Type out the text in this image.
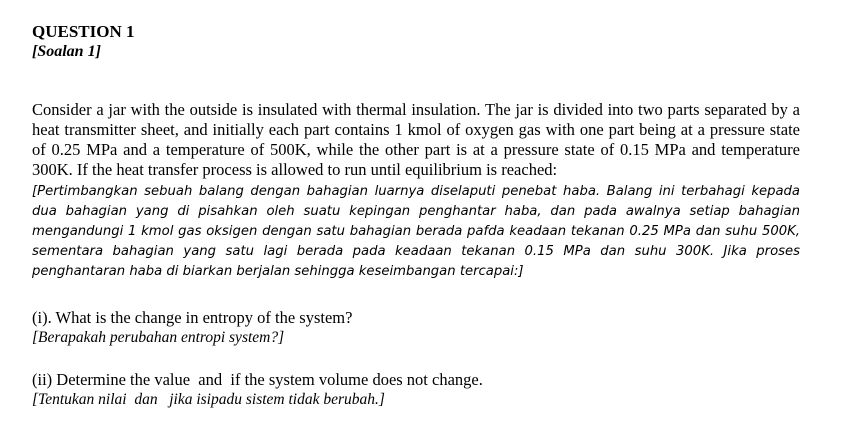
QUESTION 1

[Soalan 1]

Consider a jar with the outside is insulated with thermal insulation. The jar is divided into two parts separated by a heat transmitter sheet, and initially each part contains 1 kmol of oxygen gas with one part being at a pressure state of 0.25 MPa and a temperature of 500K, while the other part is at a pressure state of 0.15 MPa and temperature 300K. If the heat transfer process is allowed to run until equilibrium is reached:
[Pertimbangkan sebuah balang dengan bahagian luarnya diselaputi penebat haba. Balang ini terbahagi kepada dua bahagian yang di pisahkan oleh suatu kepingan penghantar haba, dan pada awalnya setiap bahagian mengandungi 1 kmol gas oksigen dengan satu bahagian berada pafda keadaan tekanan 0.25 MPa dan suhu 500K, sementara bahagian yang satu lagi berada pada keadaan tekanan 0.15 MPa dan suhu 300K. Jika proses penghantaran haba di biarkan berjalan sehingga keseimbangan tercapai:]

(i). What is the change in entropy of the system?

[Berapakah perubahan entropi system?]

(ii) Determine the value  and  if the system volume does not change.

[Tentukan nilai  dan   jika isipadu sistem tidak berubah.]
